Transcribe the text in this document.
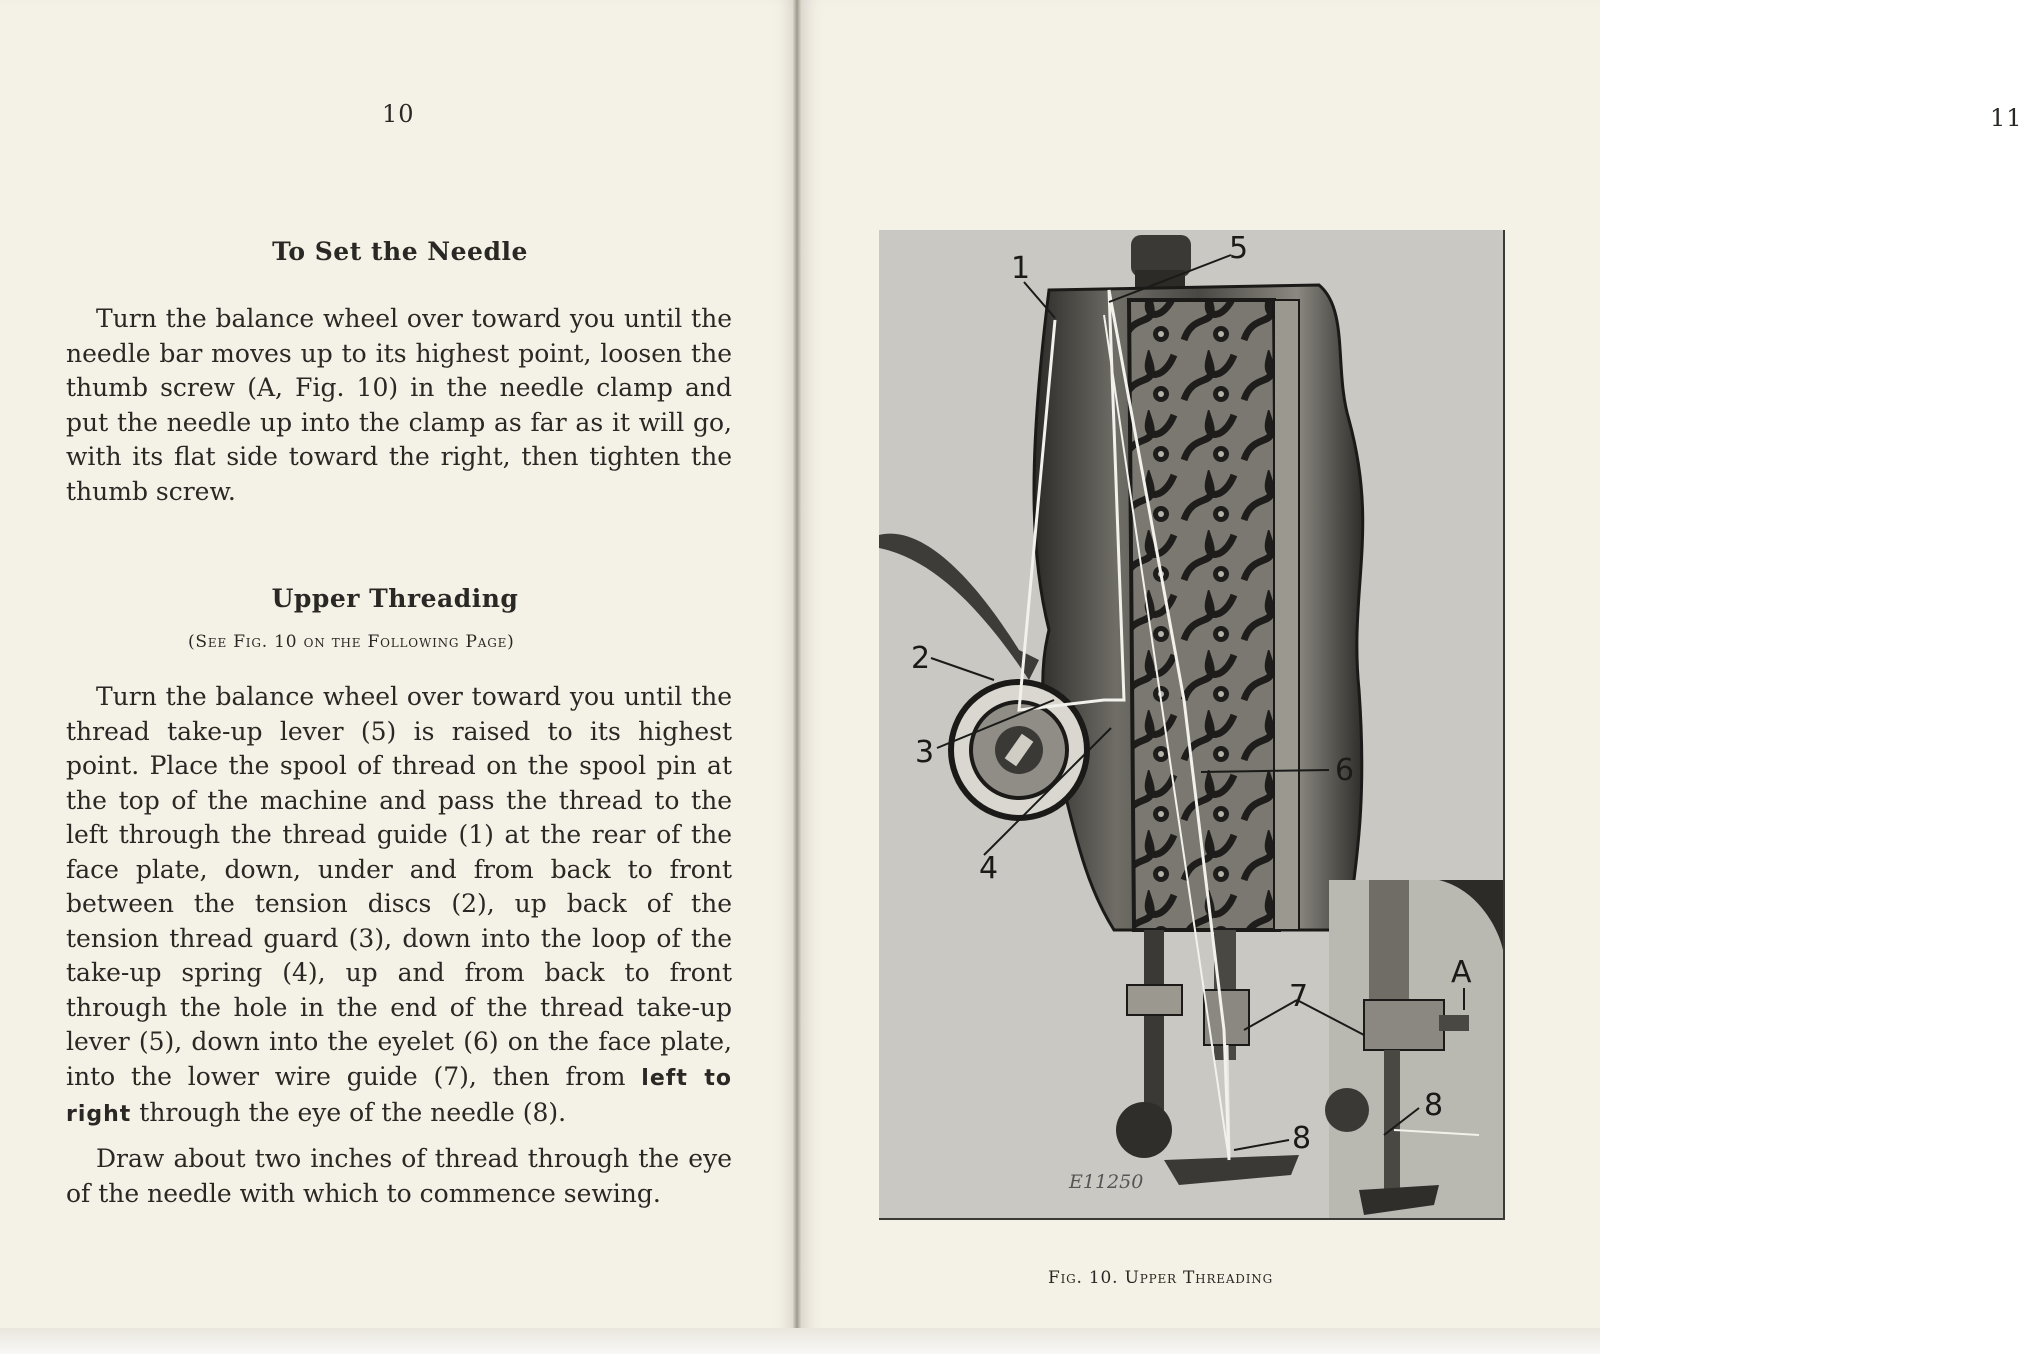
10
To Set the Needle

Turn the balance wheel over toward you until the needle bar moves up to its highest point, loosen the thumb screw (A, Fig. 10) in the needle clamp and put the needle up into the clamp as far as it will go, with its flat side toward the right, then tighten the thumb screw.

Upper Threading
(See Fig. 10 on the Following Page)

Turn the balance wheel over toward you until the thread take-up lever (5) is raised to its highest point. Place the spool of thread on the spool pin at the top of the machine and pass the thread to the left through the thread guide (1) at the rear of the face plate, down, under and from back to front between the tension discs (2), up back of the tension thread guard (3), down into the loop of the take-up spring (4), up and from back to front through the hole in the end of the thread take-up lever (5), down into the eyelet (6) on the face plate, into the lower wire guide (7), then from left to right through the eye of the needle (8).

Draw about two inches of thread through the eye of the needle with which to commence sewing.

11
1
2
3
4
5
6
7
8
8
A
E11250
Fig. 10. Upper Threading
